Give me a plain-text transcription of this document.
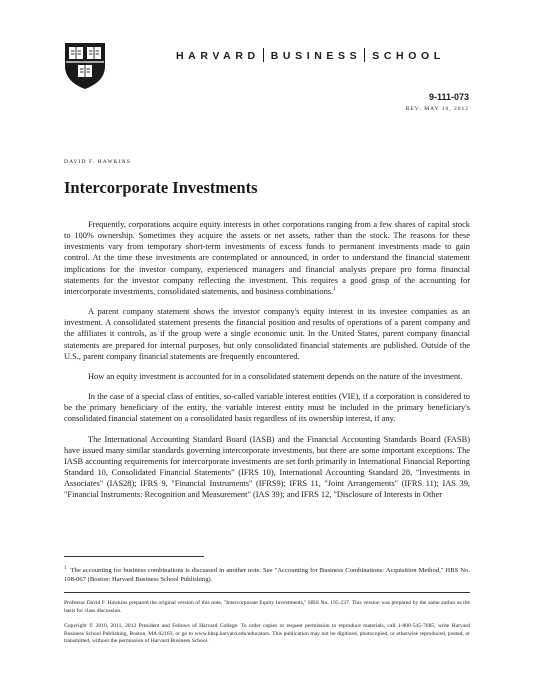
HARVARD BUSINESS SCHOOL
9-111-073
REV: MAY 16, 2012
DAVID F. HAWKINS
Intercorporate Investments

Frequently, corporations acquire equity interests in other corporations ranging from a few shares of capital stock to 100% ownership. Sometimes they acquire the assets or net assets, rather than the stock. The reasons for these investments vary from temporary short-term investments of excess funds to permanent investments made to gain control. At the time these investments are contemplated or announced, in order to understand the financial statement implications for the investor company, experienced managers and financial analysts prepare pro forma financial statements for the investor company reflecting the investment. This requires a good grasp of the accounting for intercorporate investments, consolidated statements, and business combinations.$^1$

A parent company statement shows the investor company's equity interest in its investee companies as an investment. A consolidated statement presents the financial position and results of operations of a parent company and the affiliates it controls, as if the group were a single economic unit. In the United States, parent company financial statements are prepared for internal purposes, but only consolidated financial statements are published. Outside of the U.S., parent company financial statements are frequently encountered.

How an equity investment is accounted for in a consolidated statement depends on the nature of the investment.

In the case of a special class of entities, so-called variable interest entities (VIE), if a corporation is considered to be the primary beneficiary of the entity, the variable interest entity must be included in the primary beneficiary's consolidated financial statement on a consolidated basis regardless of its ownership interest, if any.

The International Accounting Standard Board (IASB) and the Financial Accounting Standards Board (FASB) have issued many similar standards governing intercorporate investments, but there are some important exceptions. The IASB accounting requirements for intercorporate investments are set forth primarily in International Financial Reporting Standard 10, Consolidated Financial Statements" (IFRS 10), International Accounting Standard 28, "Investments in Associates" (IAS28); IFRS 9, "Financial Instruments" (IFRS9); IFRS 11, "Joint Arrangements" (IFRS 11); IAS 39, "Financial Instruments: Recognition and Measurement" (IAS 39); and IFRS 12, "Disclosure of Interests in Other

$^1$ The accounting for business combinations is discussed in another note. See "Accounting for Business Combinations: Acquisition Method," HBS No. 108-067 (Boston: Harvard Business School Publishing).
Professor David F. Hawkins prepared the original version of this note, "Intercorporate Equity Investments," HBS No. 195-237. This version was prepared by the same author as the basis for class discussion.
Copyright © 2010, 2011, 2012 President and Fellows of Harvard College. To order copies or request permission to reproduce materials, call 1-800-545-7685, write Harvard Business School Publishing, Boston, MA 02163, or go to www.hbsp.harvard.edu/educators. This publication may not be digitized, photocopied, or otherwise reproduced, posted, or transmitted, without the permission of Harvard Business School.
